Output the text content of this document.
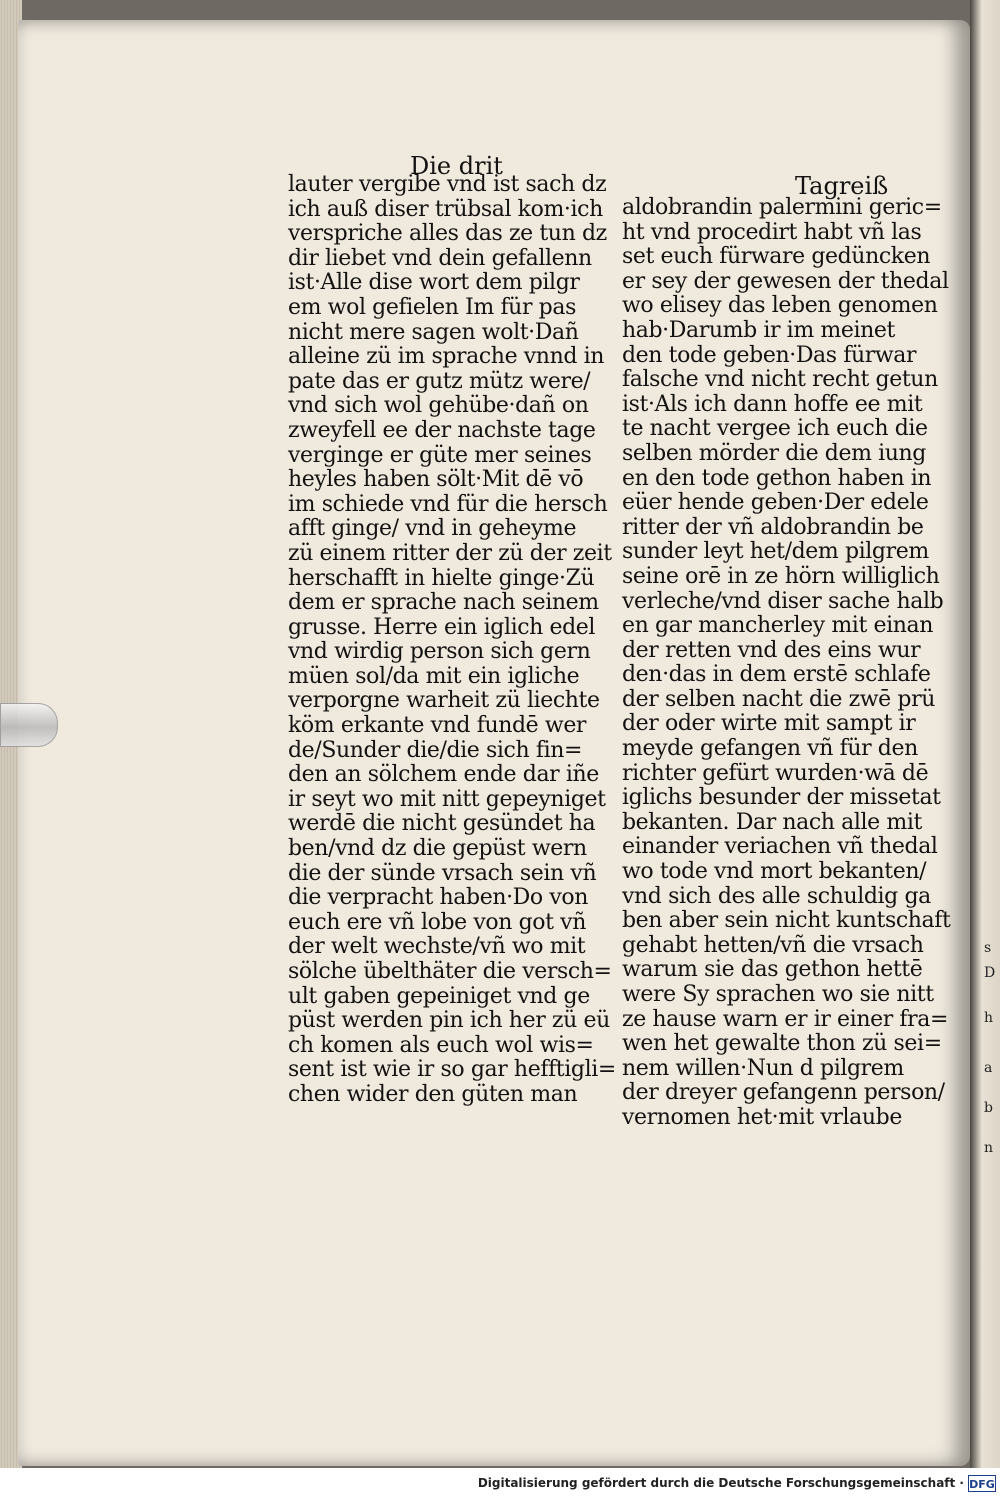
s
D
h
a
b
n
Die drit
Tagreiß
lauter vergibe vnd ist sach dz
ich auß diser trübsal kom·ich
verspriche alles das ze tun dz
dir liebet vnd dein gefallenn
ist·Alle dise wort dem pilgr
em wol gefielen Im für pas
nicht mere sagen wolt·Dañ
alleine zü im sprache vnnd in
pate das er gutz mütz were/
vnd sich wol gehübe·dañ on
zweyfell ee der nachste tage
verginge er güte mer seines
heyles haben sölt·Mit dē vō
im schiede vnd für die hersch
afft ginge/ vnd in geheyme
zü einem ritter der zü der zeit
herschafft in hielte ginge·Zü
dem er sprache nach seinem
grusse. Herre ein iglich edel
vnd wirdig person sich gern
müen sol/da mit ein igliche
verporgne warheit zü liechte
köm erkante vnd fundē wer
de/Sunder die/die sich fin=
den an sölchem ende dar iñe
ir seyt wo mit nitt gepeyniget
werdē die nicht gesündet ha
ben/vnd dz die gepüst wern
die der sünde vrsach sein vñ
die verpracht haben·Do von
euch ere vñ lobe von got vñ
der welt wechste/vñ wo mit
sölche übelthäter die versch=
ult gaben gepeiniget vnd ge
püst werden pin ich her zü eü
ch komen als euch wol wis=
sent ist wie ir so gar hefftigli=
chen wider den güten man
aldobrandin palermini geric=
ht vnd procedirt habt vñ las
set euch fürware gedüncken
er sey der gewesen der thedal
wo elisey das leben genomen
hab·Darumb ir im meinet
den tode geben·Das fürwar
falsche vnd nicht recht getun
ist·Als ich dann hoffe ee mit
te nacht vergee ich euch die
selben mörder die dem iung
en den tode gethon haben in
eüer hende geben·Der edele
ritter der vñ aldobrandin be
sunder leyt het/dem pilgrem
seine orē in ze hörn williglich
verleche/vnd diser sache halb
en gar mancherley mit einan
der retten vnd des eins wur
den·das in dem erstē schlafe
der selben nacht die zwē prü
der oder wirte mit sampt ir
meyde gefangen vñ für den
richter gefürt wurden·wā dē
iglichs besunder der missetat
bekanten. Dar nach alle mit
einander veriachen vñ thedal
wo tode vnd mort bekanten/
vnd sich des alle schuldig ga
ben aber sein nicht kuntschaft
gehabt hetten/vñ die vrsach
warum sie das gethon hettē
were Sy sprachen wo sie nitt
ze hause warn er ir einer fra=
wen het gewalte thon zü sei=
nem willen·Nun d pilgrem
der dreyer gefangenn person/
vernomen het·mit vrlaube
Digitalisierung gefördert durch die Deutsche Forschungsgemeinschaft · DFG
